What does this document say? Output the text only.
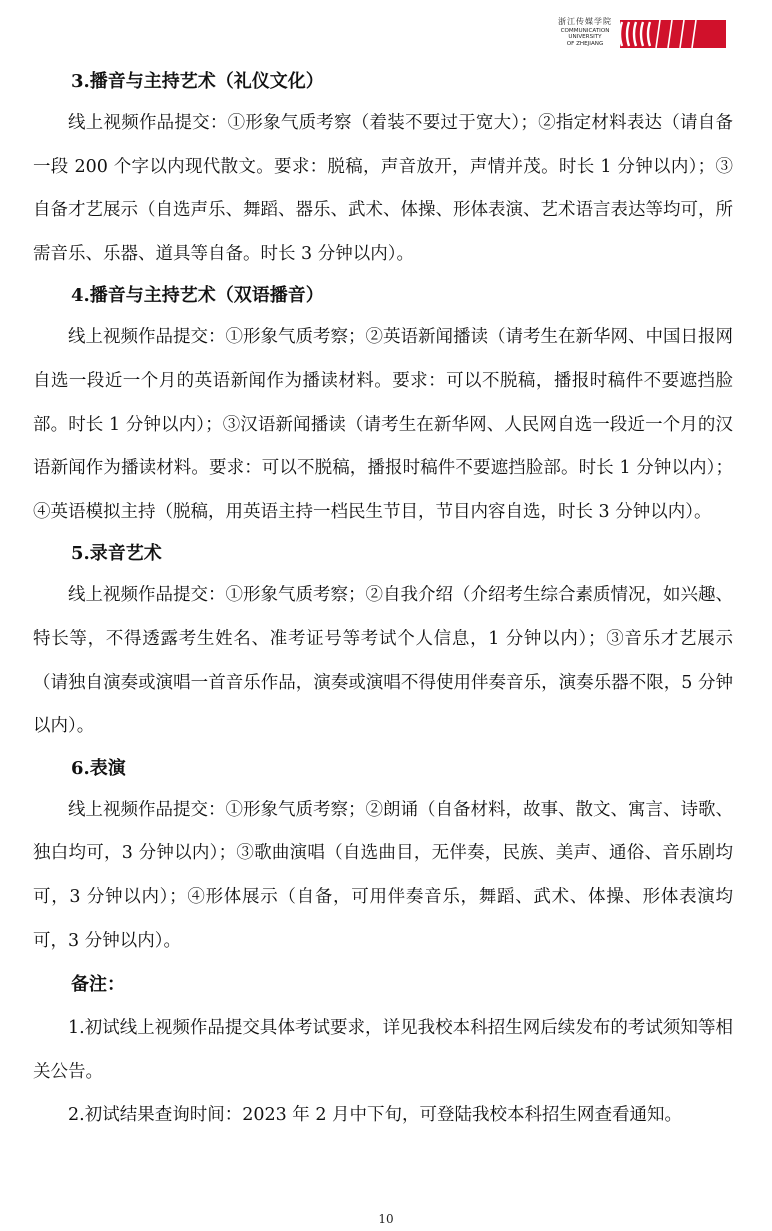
浙江传媒学院
COMMUNICATION
UNIVERSITY
OF ZHEJIANG
3.播音与主持艺术（礼仪文化）

线上视频作品提交：①形象气质考察（着装不要过于宽大）；②指定材料表达（请自备一段 200 个字以内现代散文。要求：脱稿，声音放开，声情并茂。时长 1 分钟以内）；③自备才艺展示（自选声乐、舞蹈、器乐、武术、体操、形体表演、艺术语言表达等均可，所需音乐、乐器、道具等自备。时长 3 分钟以内）。

4.播音与主持艺术（双语播音）

线上视频作品提交：①形象气质考察；②英语新闻播读（请考生在新华网、中国日报网自选一段近一个月的英语新闻作为播读材料。要求：可以不脱稿，播报时稿件不要遮挡脸部。时长 1 分钟以内）；③汉语新闻播读（请考生在新华网、人民网自选一段近一个月的汉语新闻作为播读材料。要求：可以不脱稿，播报时稿件不要遮挡脸部。时长 1 分钟以内）；④英语模拟主持（脱稿，用英语主持一档民生节目，节目内容自选，时长 3 分钟以内）。

5.录音艺术

线上视频作品提交：①形象气质考察；②自我介绍（介绍考生综合素质情况，如兴趣、特长等，不得透露考生姓名、准考证号等考试个人信息，1 分钟以内）；③音乐才艺展示（请独自演奏或演唱一首音乐作品，演奏或演唱不得使用伴奏音乐，演奏乐器不限，5 分钟以内）。

6.表演

线上视频作品提交：①形象气质考察；②朗诵（自备材料，故事、散文、寓言、诗歌、独白均可，3 分钟以内）；③歌曲演唱（自选曲目，无伴奏，民族、美声、通俗、音乐剧均可，3 分钟以内）；④形体展示（自备，可用伴奏音乐，舞蹈、武术、体操、形体表演均可，3 分钟以内）。

备注：

1.初试线上视频作品提交具体考试要求，详见我校本科招生网后续发布的考试须知等相关公告。

2.初试结果查询时间：2023 年 2 月中下旬，可登陆我校本科招生网查看通知。

10
